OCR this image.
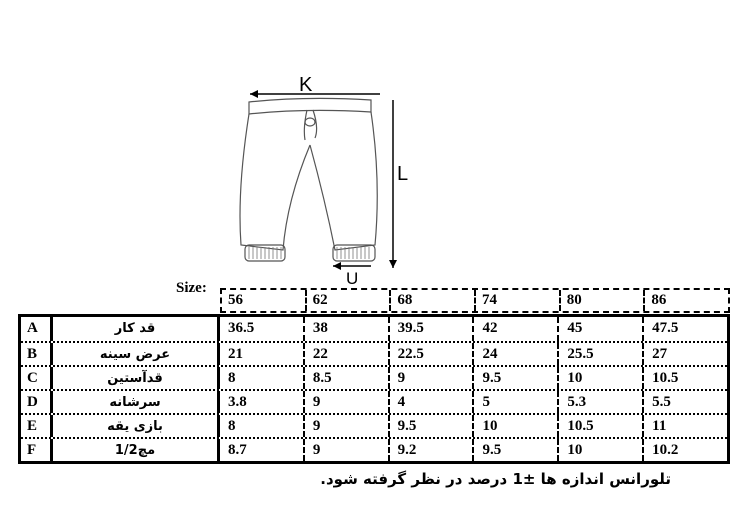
K
L
U
Size:
56	62	68	74	80	86
A	قد کار	36.5	38	39.5	42	45	47.5
B	عرض سینه	21	22	22.5	24	25.5	27
C	قدآستین	8	8.5	9	9.5	10	10.5
D	سرشانه	3.8	9	4	5	5.3	5.5
E	بازی یقه	8	9	9.5	10	10.5	11
F	مچ1/2	8.7	9	9.2	9.5	10	10.2
تلورانس اندازه ها ±1 درصد در نظر گرفته شود.
